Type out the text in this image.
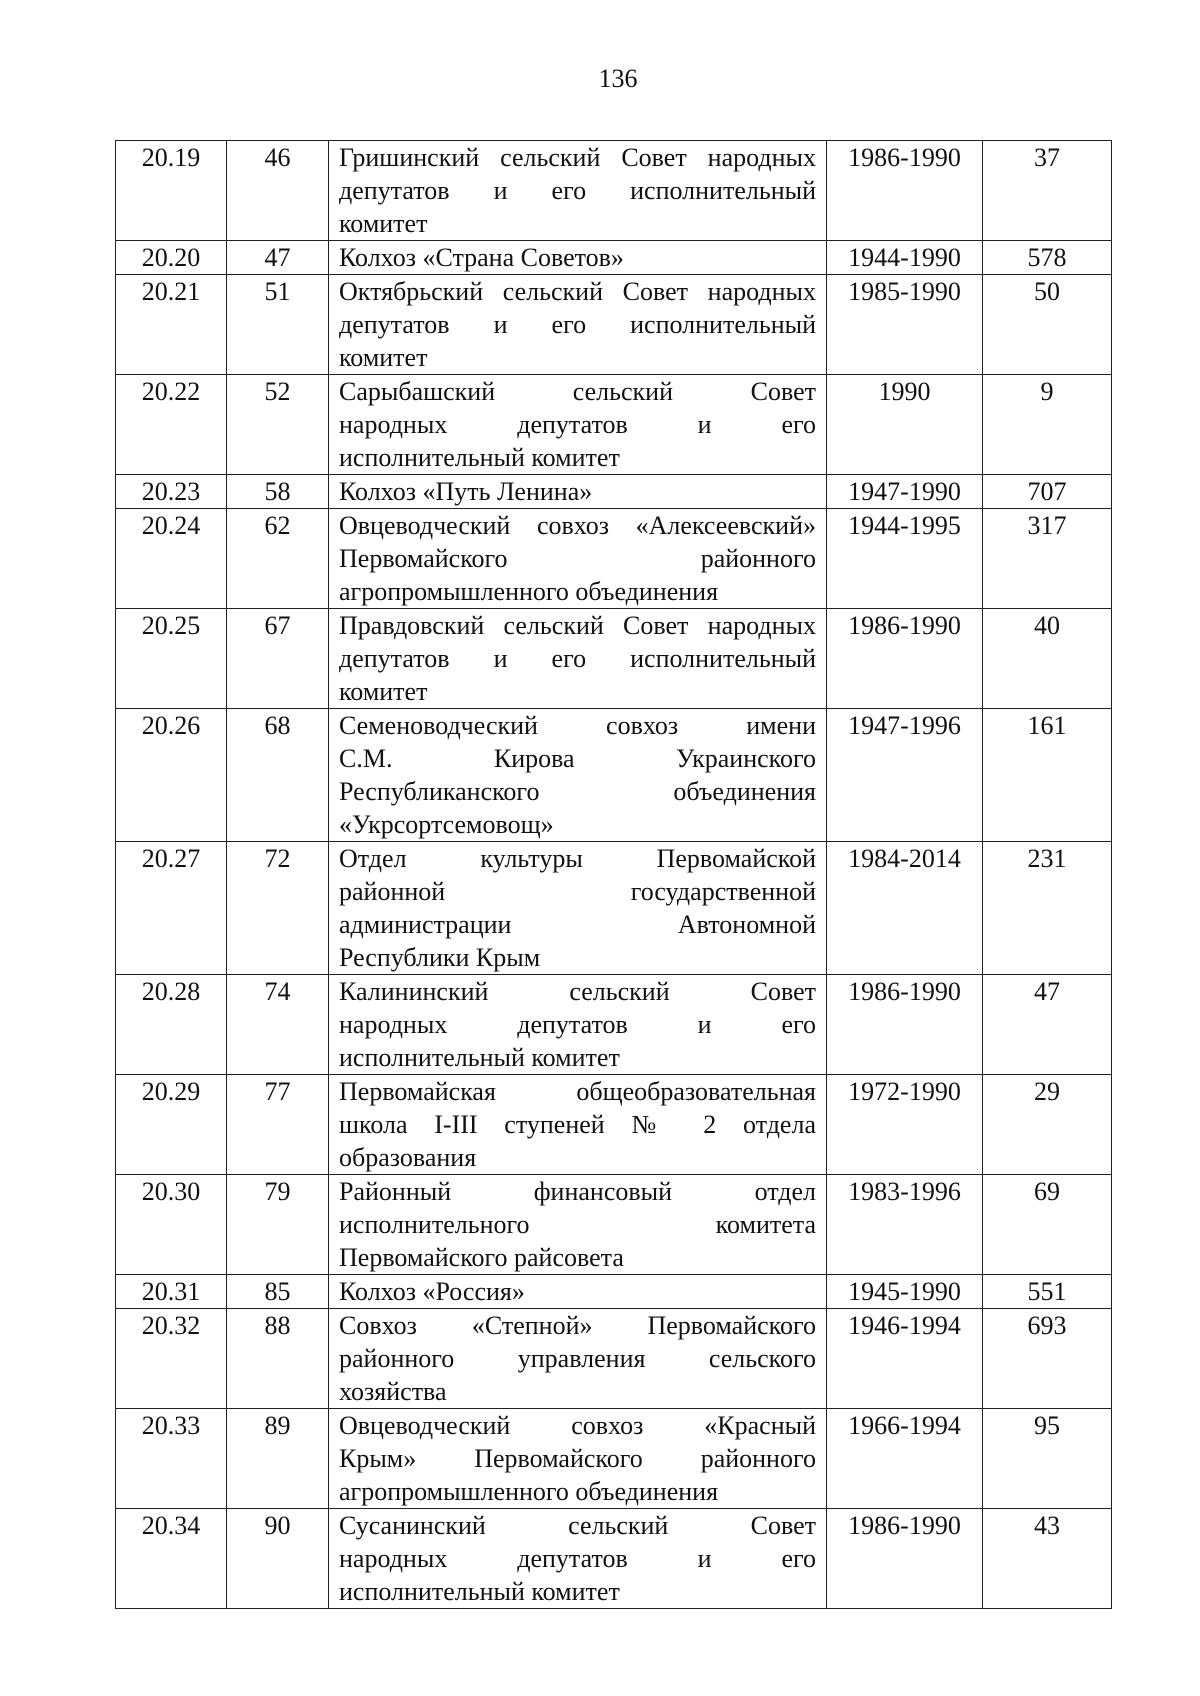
136
20.19	46	Гришинский сельский Совет народных
депутатов и его исполнительный
комитет	1986-1990	37
20.20	47	Колхоз «Страна Советов»	1944-1990	578
20.21	51	Октябрьский сельский Совет народных
депутатов и его исполнительный
комитет	1985-1990	50
20.22	52	Сарыбашский сельский Совет
народных депутатов и его
исполнительный комитет	1990	9
20.23	58	Колхоз «Путь Ленина»	1947-1990	707
20.24	62	Овцеводческий совхоз «Алексеевский»
Первомайского районного
агропромышленного объединения	1944-1995	317
20.25	67	Правдовский сельский Совет народных
депутатов и его исполнительный
комитет	1986-1990	40
20.26	68	Семеноводческий совхоз имени
С.М. Кирова Украинского
Республиканского объединения
«Укрсортсемовощ»	1947-1996	161
20.27	72	Отдел культуры Первомайской
районной государственной
администрации Автономной
Республики Крым	1984-2014	231
20.28	74	Калининский сельский Совет
народных депутатов и его
исполнительный комитет	1986-1990	47
20.29	77	Первомайская общеобразовательная
школа I-III ступеней № 2 отдела
образования	1972-1990	29
20.30	79	Районный финансовый отдел
исполнительного комитета
Первомайского райсовета	1983-1996	69
20.31	85	Колхоз «Россия»	1945-1990	551
20.32	88	Совхоз «Степной» Первомайского
районного управления сельского
хозяйства	1946-1994	693
20.33	89	Овцеводческий совхоз «Красный
Крым» Первомайского районного
агропромышленного объединения	1966-1994	95
20.34	90	Сусанинский сельский Совет
народных депутатов и его
исполнительный комитет	1986-1990	43
